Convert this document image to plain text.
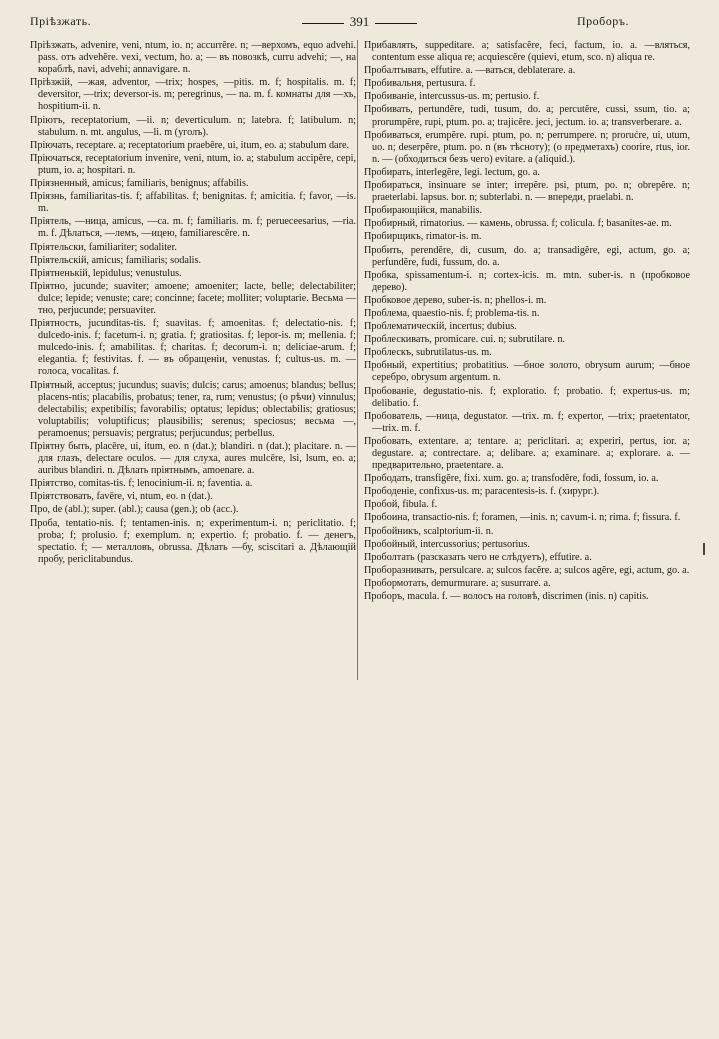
Прiѣзжать.	391	Пробоpъ.

Прiѣзжать, advenire, veni, ntum, io. n; accurrĕre. n; —верхомъ, equo advehi. pass. отъ advehĕre. vexi, vectum, ho. a; — въ повозкѣ, curru advehi; —, на кораблѣ, navi, advehi; annavigare. n.

Прiѣзжiй, —жая, adventor, —trix; hospes, —pitis. m. f; hospitalis. m. f; deversitor, —trix; deversor-is. m; peregrinus, — na. m. f. комнаты для —хъ, hospitium-ii. n.

Прiютъ, receptatorium, —ii. n; deverticulum. n; latebra. f; latibulum. n; stabulum. n. mt. angulus, —li. m (уголъ).

Прiючать, receptare. a; receptatorium praebēre, ui, itum, eo. a; stabulum dare.

Прiючаться, receptatorium invenire, veni, ntum, io. a; stabulum accipĕre, cepi, ptum, io. a; hospitari. n.

Прiязненный, amicus; familiaris, benignus; affabilis.

Прiязнь, familiaritas-tis. f; affabilitas. f; benignitas. f; amicitia. f; favor, —is. m.

Прiятель, —ница, amicus, —ca. m. f; familiaris. m. f; perueceesarius, —ria. m. f. Дѣлаться, —лемъ, —ицею, familiarescĕre. n.

Прiятельски, familiariter; sodaliter.

Прiятельскiй, amicus; familiaris; sodalis.

Прiятненькiй, lepidulus; venustulus.

Прiятно, jucunde; suaviter; amoene; amoeniter; lacte, belle; delectabiliter; dulce; lepide; venuste; care; concinne; facete; molliter; voluptarie. Весьма —тно, perjucunde; persuaviter.

Прiятность, jucunditas-tis. f; suavitas. f; amoenitas. f; delectatio-nis. f; dulcedo-inis. f; facetum-i. n; gratia. f; gratiositas. f; lepor-is. m; mellenia. f; mulcedo-inis. f; amabilitas. f; charitas. f; decorum-i. n; deliciae-arum. f; elegantia. f; festivitas. f. — въ обращенiи, venustas. f; cultus-us. m. — голоса, vocalitas. f.

Прiятный, acceptus; jucundus; suavis; dulcis; carus; amoenus; blandus; bellus; placens-ntis; placabilis, probatus; tener, ra, rum; venustus; (о рѣчи) vinnulus; delectabilis; expetibilis; favorabilis; optatus; lepidus; oblectabilis; gratiosus; voluptabilis; voluptificus; plausibilis; serenus; speciosus; весьма —, peramoenus; persuavis; pergratus; perjucundus; perbellus.

Прiятну быть, placēre, ui, itum, eo. n (dat.); blandiri. n (dat.); placitare. n. — для глазъ, delectare oculos. — для слуха, aures mulcēre, lsi, lsum, eo. a; auribus blandiri. n. Дѣлать прiятнымъ, amoenare. a.

Прiятство, comitas-tis. f; lenocinium-ii. n; faventia. a.

Прiятствовать, favēre, vi, ntum, eo. n (dat.).

Про, de (abl.); super. (abl.); causa (gen.); ob (acc.).

Проба, tentatio-nis. f; tentamen-inis. n; experimentum-i. n; periclitatio. f; proba; f; prolusio. f; exemplum. n; expertio. f; probatio. f. — денегъ, spectatio. f; — металловъ, obrussa. Дѣлать —бу, sciscitari a. Дѣлающiй пробу, periclitabundus.

Прибавлять, suppeditare. a; satisfacĕre, feci, factum, io. a. —вляться, contentum esse aliqua re; acquiescĕre (quievi, etum, sco. n) aliqua re.

Пробалтывать, effutire. a. —ваться, deblaterare. a.

Пробивальня, pertusura. f.

Пробиванiе, intercussus-us. m; pertusio. f.

Пробивать, pertundĕre, tudi, tusum, do. a; percutĕre, cussi, ssum, tio. a; prorumpĕre, rupi, ptum. po. a; trajicĕre. jeci, jectum. io. a; transverberare. a.

Пробиваться, erumpĕre. rupi. ptum, po. n; perrumpere. n; prorućre, ui, utum, uo. n; deserpĕre, ptum. po. n (въ тѣсноту); (о предметахъ) coorire, rtus, ior. n. — (обходиться безъ чего) evitare. a (aliquid.).

Пробирать, interlegĕre, legi. lectum, go. a.

Пробираться, insinuare se inter; irrepĕre. psi, ptum, po. n; obrepĕre. n; praeterlabi. lapsus. bor. n; subterlabi. n. — впереди, praelabi. n.

Пробирающiйся, manabilis.

Пробирный, rimatorius. — камень, obrussa. f; colicula. f; basanites-ae. m.

Пробирщикъ, rimator-is. m.

Пробить, perendĕre, di, cusum, do. a; transadigĕre, egi, actum, go. a; perfundĕre, fudi, fussum, do. a.

Пробка, spissamentum-i. n; cortex-icis. m. mtn. suber-is. n (пробковое дерево).

Пробковое дерево, suber-is. n; phellos-i. m.

Проблема, quaestio-nis. f; problema-tis. n.

Проблематическiй, incertus; dubius.

Проблескивать, promicare. cui. n; subrutilare. n.

Проблескъ, subrutilatus-us. m.

Пробный, expertitius; probatitius. —бное золото, obrysum aurum; —бное серебро, obrysum argentum. n.

Пробованiе, degustatio-nis. f; exploratio. f; probatio. f; expertus-us. m; delibatio. f.

Пробователь, —ница, degustator. —trix. m. f; expertor, —trix; praetentator, —trix. m. f.

Пробовать, extentare. a; tentare. a; periclitari. a; experiri, pertus, ior. a; degustare. a; contrectare. a; delibare. a; examinare. a; explorare. a. — предварительно, praetentare. a.

Прободать, transfigĕre, fixi. xum. go. a; transfodĕre, fodi, fossum, io. a.

Прободенiе, confixus-us. m; paracentesis-is. f. (хирург.).

Пробой, fibula. f.

Пробоина, transactio-nis. f; foramen, —inis. n; cavum-i. n; rima. f; fissura. f.

Пробойникъ, scalptorium-ii. n.

Пробойный, intercussorius; pertusorius.

Проболтать (разсказать чего не слѣдуетъ), effutire. a.

Пробоpазнивать, persulcare. a; sulcos facĕre. a; sulcos agĕre, egi, actum, go. a.

Пробормотать, demurmurare. a; susurrare. a.

Пробоpъ, macula. f. — волосъ на головѣ, discrimen (inis. n) capitis.
